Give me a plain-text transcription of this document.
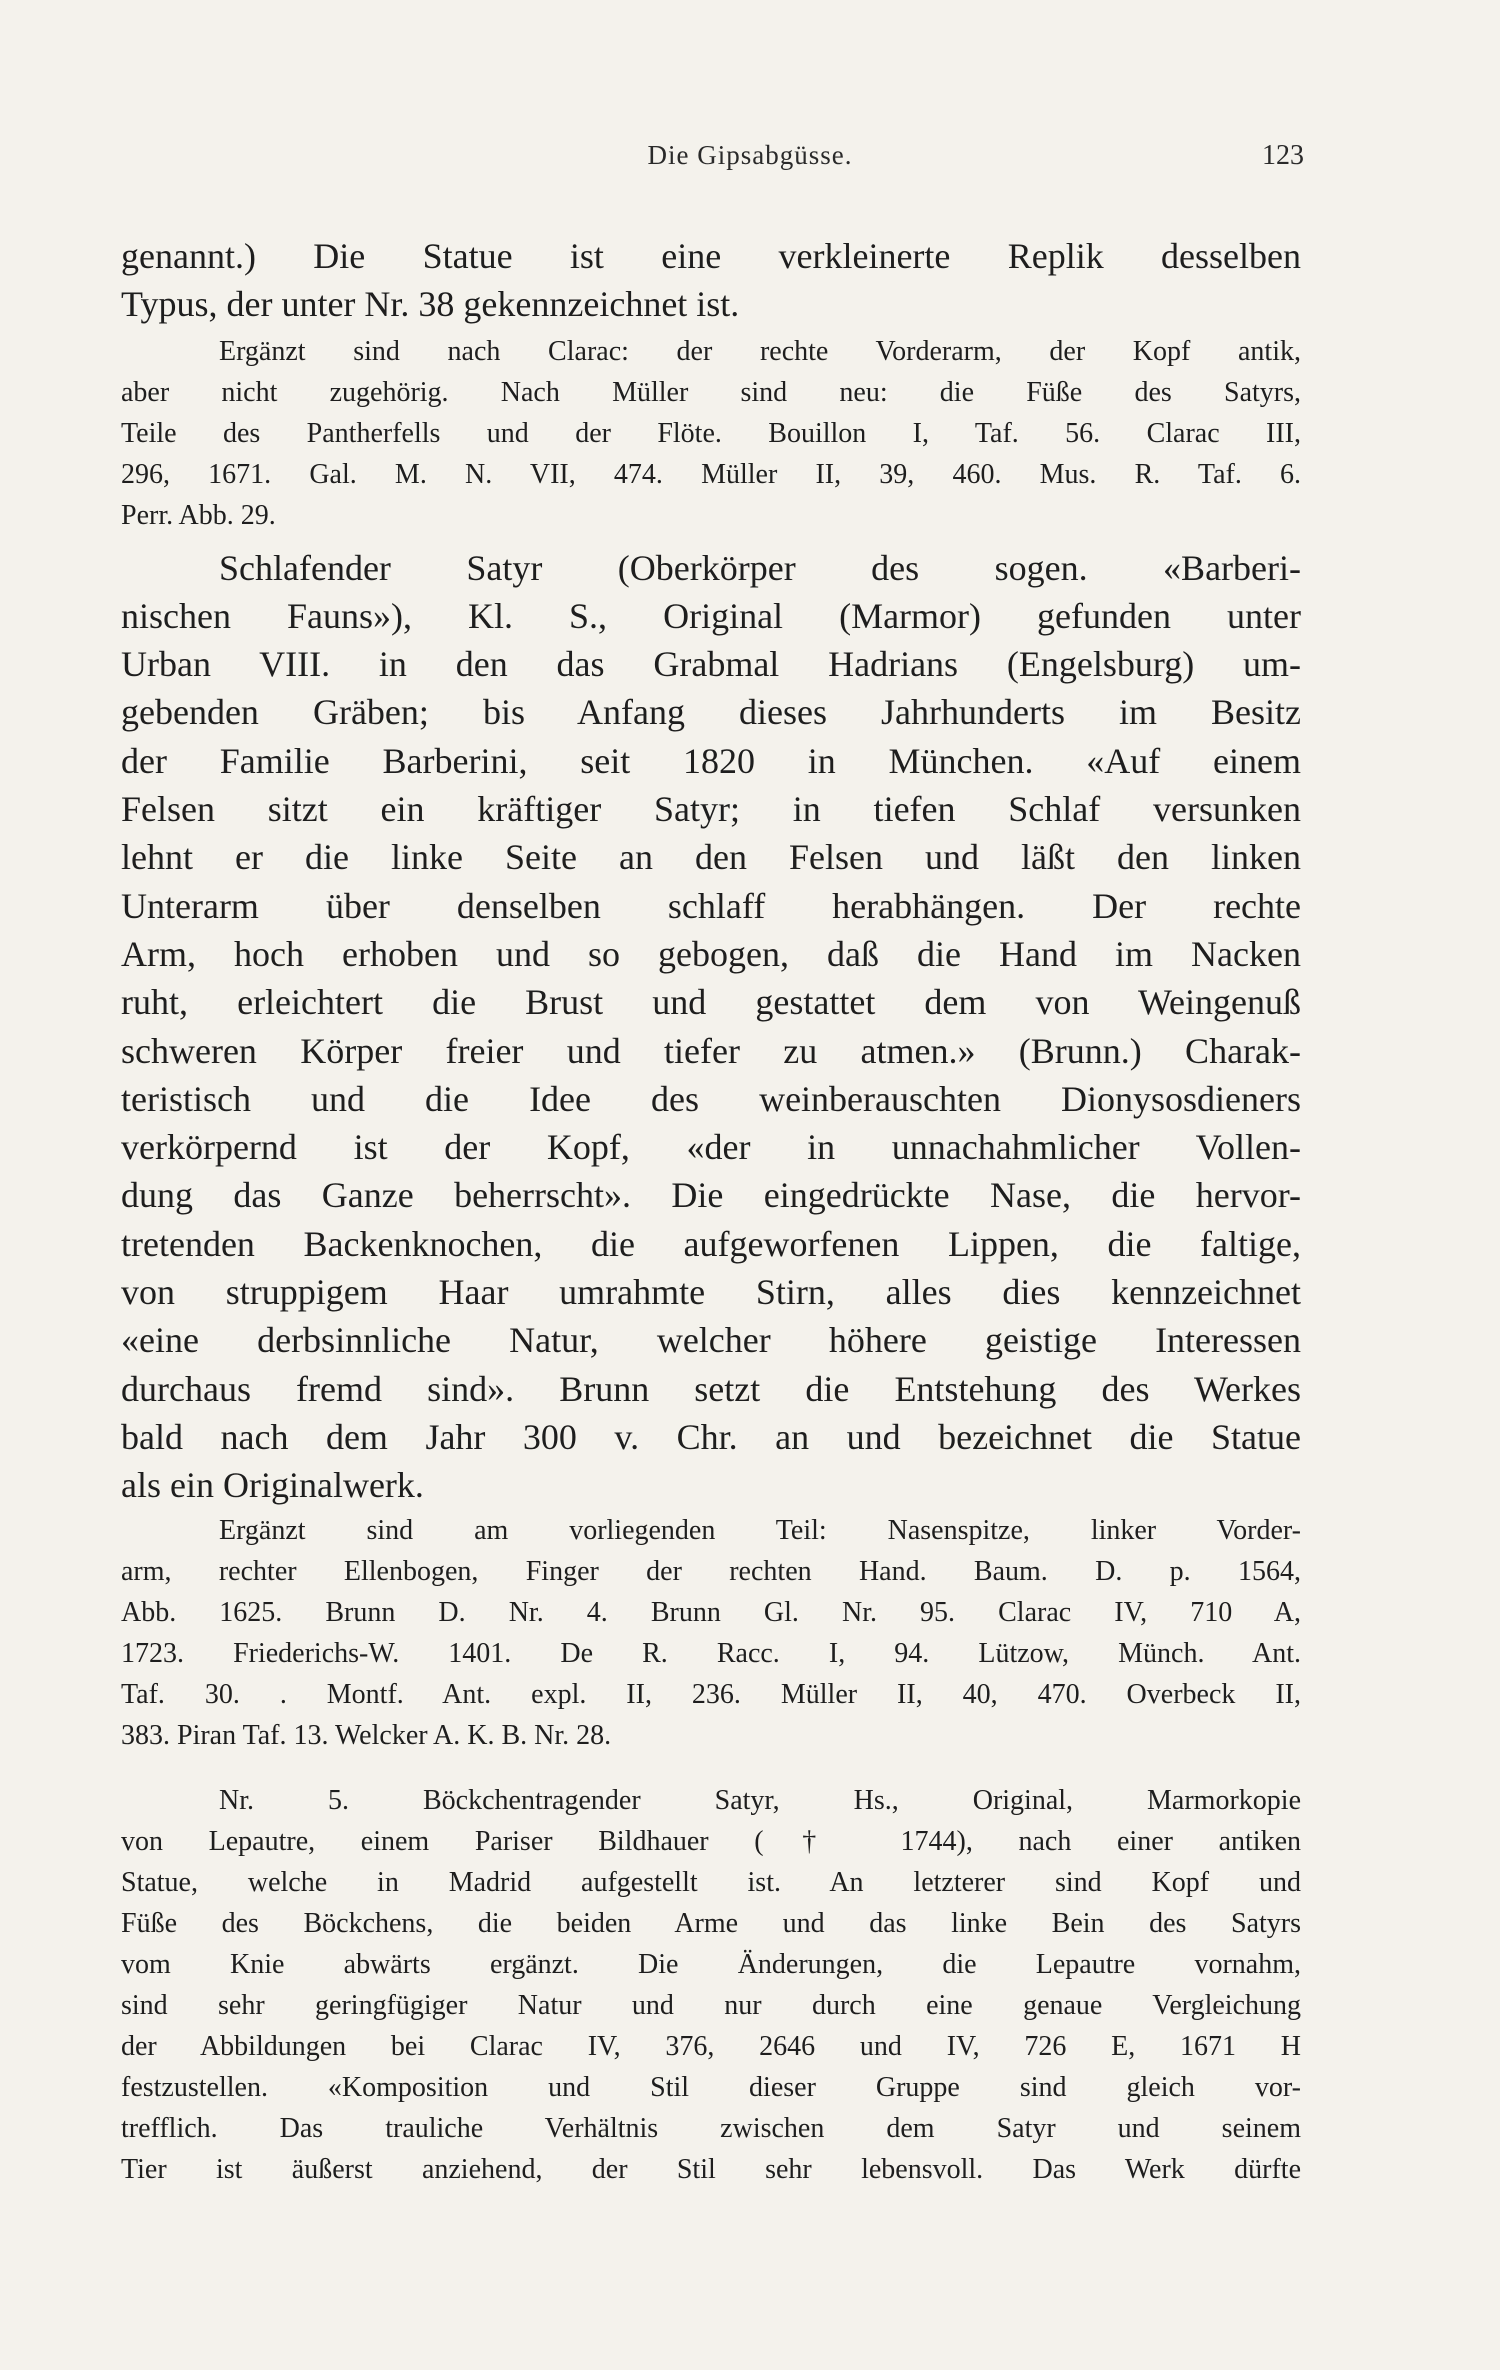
Die Gipsabgüsse.	123
genannt.) Die Statue ist eine verkleinerte Replik desselben
Typus, der unter Nr. 38 gekennzeichnet ist.
Ergänzt sind nach Clarac: der rechte Vorderarm, der Kopf antik,
aber nicht zugehörig. Nach Müller sind neu: die Füße des Satyrs,
Teile des Pantherfells und der Flöte. Bouillon I, Taf. 56. Clarac III,
296, 1671. Gal. M. N. VII, 474. Müller II, 39, 460. Mus. R. Taf. 6.
Perr. Abb. 29.
Schlafender Satyr (Oberkörper des sogen. «Barberi-
nischen Fauns»), Kl. S., Original (Marmor) gefunden unter
Urban VIII. in den das Grabmal Hadrians (Engelsburg) um-
gebenden Gräben; bis Anfang dieses Jahrhunderts im Besitz
der Familie Barberini, seit 1820 in München. «Auf einem
Felsen sitzt ein kräftiger Satyr; in tiefen Schlaf versunken
lehnt er die linke Seite an den Felsen und läßt den linken
Unterarm über denselben schlaff herabhängen. Der rechte
Arm, hoch erhoben und so gebogen, daß die Hand im Nacken
ruht, erleichtert die Brust und gestattet dem von Weingenuß
schweren Körper freier und tiefer zu atmen.» (Brunn.) Charak-
teristisch und die Idee des weinberauschten Dionysosdieners
verkörpernd ist der Kopf, «der in unnachahmlicher Vollen-
dung das Ganze beherrscht». Die eingedrückte Nase, die hervor-
tretenden Backenknochen, die aufgeworfenen Lippen, die faltige,
von struppigem Haar umrahmte Stirn, alles dies kennzeichnet
«eine derbsinnliche Natur, welcher höhere geistige Interessen
durchaus fremd sind». Brunn setzt die Entstehung des Werkes
bald nach dem Jahr 300 v. Chr. an und bezeichnet die Statue
als ein Originalwerk.
Ergänzt sind am vorliegenden Teil: Nasenspitze, linker Vorder-
arm, rechter Ellenbogen, Finger der rechten Hand. Baum. D. p. 1564,
Abb. 1625. Brunn D. Nr. 4. Brunn Gl. Nr. 95. Clarac IV, 710 A,
1723. Friederichs-W. 1401. De R. Racc. I, 94. Lützow, Münch. Ant.
Taf. 30. . Montf. Ant. expl. II, 236. Müller II, 40, 470. Overbeck II,
383. Piran Taf. 13. Welcker A. K. B. Nr. 28.
Nr. 5. Böckchentragender Satyr, Hs., Original, Marmorkopie
von Lepautre, einem Pariser Bildhauer († 1744), nach einer antiken
Statue, welche in Madrid aufgestellt ist. An letzterer sind Kopf und
Füße des Böckchens, die beiden Arme und das linke Bein des Satyrs
vom Knie abwärts ergänzt. Die Änderungen, die Lepautre vornahm,
sind sehr geringfügiger Natur und nur durch eine genaue Vergleichung
der Abbildungen bei Clarac IV, 376, 2646 und IV, 726 E, 1671 H
festzustellen. «Komposition und Stil dieser Gruppe sind gleich vor-
trefflich. Das trauliche Verhältnis zwischen dem Satyr und seinem
Tier ist äußerst anziehend, der Stil sehr lebensvoll. Das Werk dürfte
